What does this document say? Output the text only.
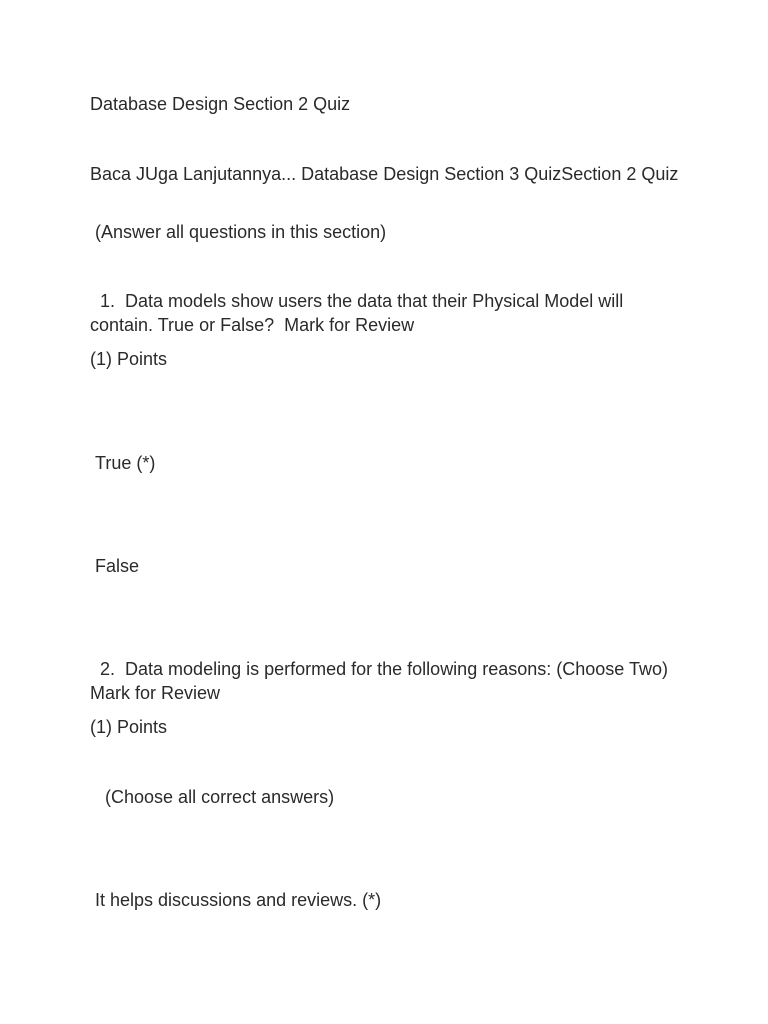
Database Design Section 2 Quiz
Baca JUga Lanjutannya... Database Design Section 3 QuizSection 2 Quiz
(Answer all questions in this section)
1.  Data models show users the data that their Physical Model will contain. True or False?  Mark for Review
(1) Points
True (*)
False
2.  Data modeling is performed for the following reasons: (Choose Two)  Mark for Review
(1) Points
(Choose all correct answers)
It helps discussions and reviews. (*)
